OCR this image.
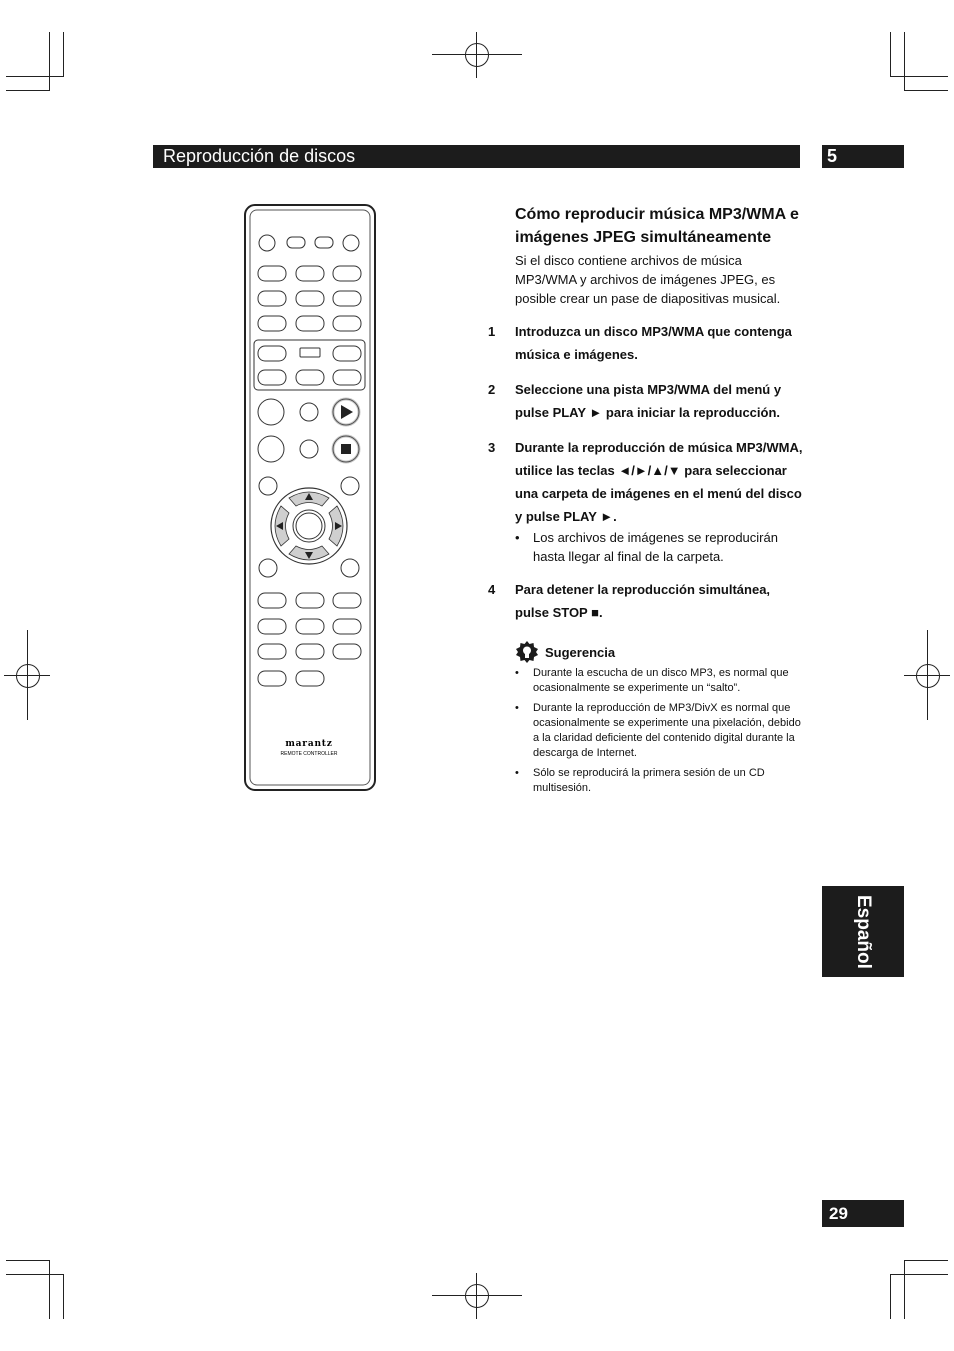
Reproducción de discos	5
marantz
REMOTE CONTROLLER
Cómo reproducir música MP3/WMA e imágenes JPEG simultáneamente

Si el disco contiene archivos de música MP3/WMA y archivos de imágenes JPEG, es posible crear un pase de diapositivas musical.

1	Introduzca un disco MP3/WMA que contenga música e imágenes.
2	Seleccione una pista MP3/WMA del menú y pulse PLAY ► para iniciar la reproducción.
3	Durante la reproducción de música MP3/WMA, utilice las teclas ◄/►/▲/▼ para seleccionar una carpeta de imágenes en el menú del disco y pulse PLAY ►.
•	Los archivos de imágenes se reproducirán hasta llegar al final de la carpeta.
4	Para detener la reproducción simultánea, pulse STOP ■.
Sugerencia
•	Durante la escucha de un disco MP3, es normal que ocasionalmente se experimente un “salto”.
•	Durante la reproducción de MP3/DivX es normal que ocasionalmente se experimente una pixelación, debido a la claridad deficiente del contenido digital durante la descarga de Internet.
•	Sólo se reproducirá la primera sesión de un CD multisesión.
Español
29
